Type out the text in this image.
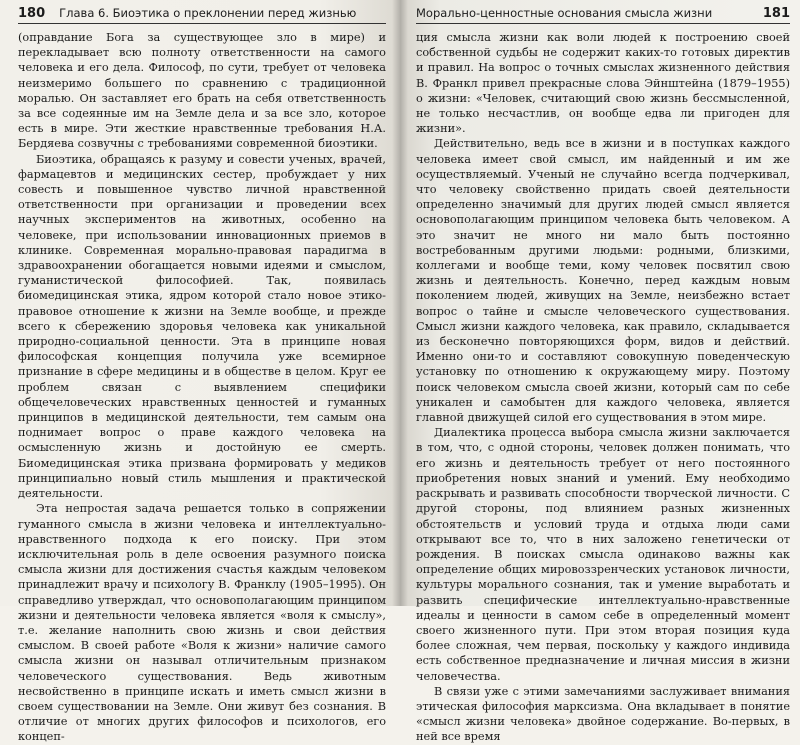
180 Глава 6. Биоэтика о преклонении перед жизнью

(оправдание Бога за существующее зло в мире) и перекладывает всю полноту ответственности на самого человека и его дела. Философ, по сути, требует от человека неизмеримо большего по сравнению с традиционной моралью. Он заставляет его брать на себя ответственность за все содеянные им на Земле дела и за все зло, которое есть в мире. Эти жесткие нравственные требования Н.А. Бердяева созвучны с требованиями современной биоэтики.

Биоэтика, обращаясь к разуму и совести ученых, врачей, фармацевтов и медицинских сестер, пробуждает у них совесть и повышенное чувство личной нравственной ответственности при организации и проведении всех научных экспериментов на животных, особенно на человеке, при использовании инновационных приемов в клинике. Современная морально-правовая парадигма в здравоохранении обогащается новыми идеями и смыслом, гуманистической философией. Так, появилась биомедицинская этика, ядром которой стало новое этико-правовое отношение к жизни на Земле вообще, и прежде всего к сбережению здоровья человека как уникальной природно-социальной ценности. Эта в принципе новая философская концепция получила уже всемирное признание в сфере медицины и в обществе в целом. Круг ее проблем связан с выявлением специфики общечеловеческих нравственных ценностей и гуманных принципов в медицинской деятельности, тем самым она поднимает вопрос о праве каждого человека на осмысленную жизнь и достойную ее смерть. Биомедицинская этика призвана формировать у медиков принципиально новый стиль мышления и практической деятельности.

Эта непростая задача решается только в сопряжении гуманного смысла в жизни человека и интеллектуально-нравственного подхода к его поиску. При этом исключительная роль в деле освоения разумного поиска смысла жизни для достижения счастья каждым человеком принадлежит врачу и психологу В. Франклу (1905–1995). Он справедливо утверждал, что основополагающим принципом жизни и деятельности человека является «воля к смыслу», т.е. желание наполнить свою жизнь и свои действия смыслом. В своей работе «Воля к жизни» наличие самого смысла жизни он называл отличительным признаком человеческого существования. Ведь животным несвойственно в принципе искать и иметь смысл жизни в своем существовании на Земле. Они живут без сознания. В отличие от многих других философов и психологов, его концеп-

Морально-ценностные основания смысла жизни	181

ция смысла жизни как воли людей к построению своей собственной судьбы не содержит каких-то готовых директив и правил. На вопрос о точных смыслах жизненного действия В. Франкл привел прекрасные слова Эйнштейна (1879–1955) о жизни: «Человек, считающий свою жизнь бессмысленной, не только несчастлив, он вообще едва ли пригоден для жизни».

Действительно, ведь все в жизни и в поступках каждого человека имеет свой смысл, им найденный и им же осуществляемый. Ученый не случайно всегда подчеркивал, что человеку свойственно придать своей деятельности определенно значимый для других людей смысл является основополагающим принципом человека быть человеком. А это значит не много ни мало быть постоянно востребованным другими людьми: родными, близкими, коллегами и вообще теми, кому человек посвятил свою жизнь и деятельность. Конечно, перед каждым новым поколением людей, живущих на Земле, неизбежно встает вопрос о тайне и смысле человеческого существования. Смысл жизни каждого человека, как правило, складывается из бесконечно повторяющихся форм, видов и действий. Именно они-то и составляют совокупную поведенческую установку по отношению к окружающему миру. Поэтому поиск человеком смысла своей жизни, который сам по себе уникален и самобытен для каждого человека, является главной движущей силой его существования в этом мире.

Диалектика процесса выбора смысла жизни заключается в том, что, с одной стороны, человек должен понимать, что его жизнь и деятельность требует от него постоянного приобретения новых знаний и умений. Ему необходимо раскрывать и развивать способности творческой личности. С другой стороны, под влиянием разных жизненных обстоятельств и условий труда и отдыха люди сами открывают все то, что в них заложено генетически от рождения. В поисках смысла одинаково важны как определение общих мировоззренческих установок личности, культуры морального сознания, так и умение выработать и развить специфические интеллектуально-нравственные идеалы и ценности в самом себе в определенный момент своего жизненного пути. При этом вторая позиция куда более сложная, чем первая, поскольку у каждого индивида есть собственное предназначение и личная миссия в жизни человечества.

В связи уже с этими замечаниями заслуживает внимания этическая философия марксизма. Она вкладывает в понятие «смысл жизни человека» двойное содержание. Во-первых, в ней все время
